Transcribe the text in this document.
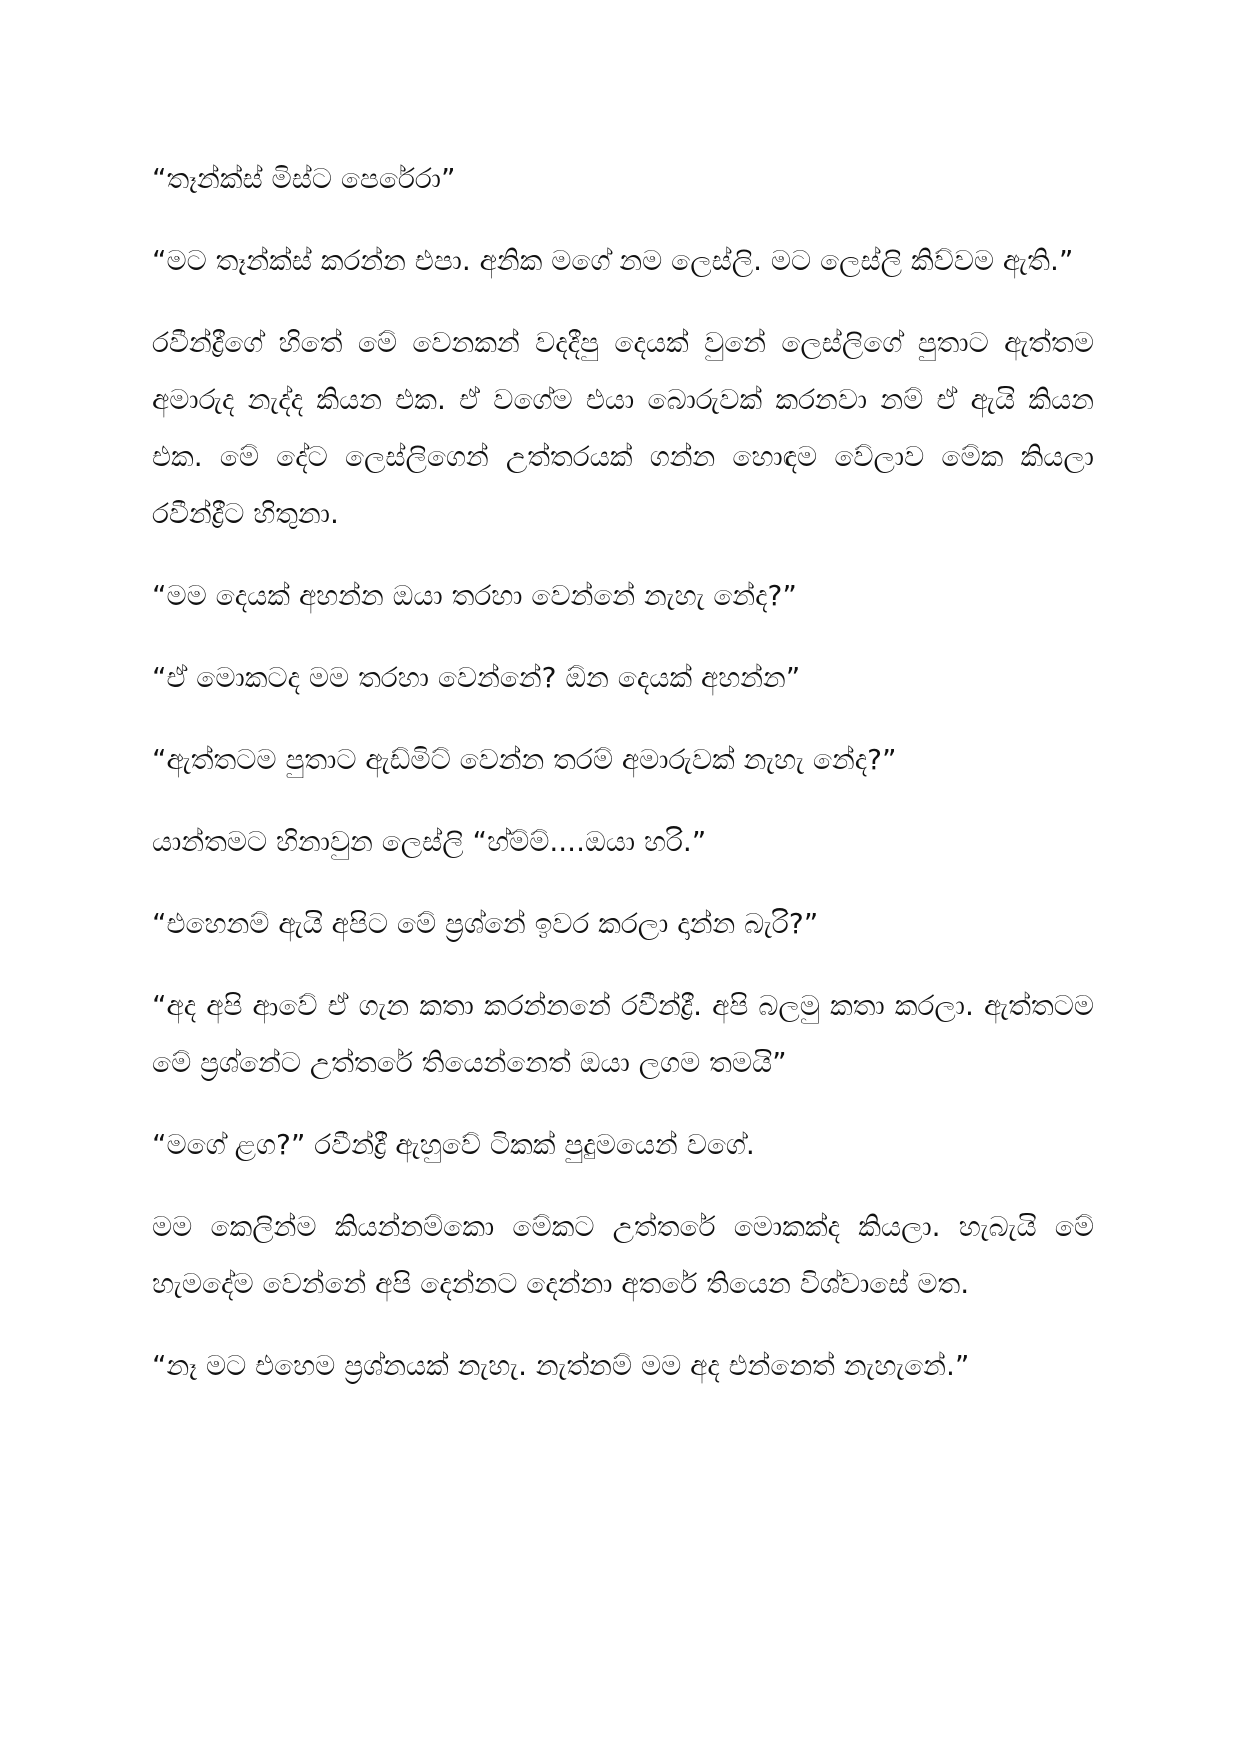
“තෑන්ක්ස් මිස්ට පෙරේරා”

“මට තෑන්ක්ස් කරන්න එපා. අනික මගේ නම ලෙස්ලි. මට ලෙස්ලි කිව්වම ඇති.”

රවීන්ද්‍රීගේ හිතේ මේ වෙනකන් වදදීපු දෙයක් වුනේ ලෙස්ලිගේ පුතාට ඇත්තම අමාරුද නැද්ද කියන එක. ඒ වගේම එයා බොරුවක් කරනවා නම් ඒ ඇයි කියන එක. මේ දේට ලෙස්ලිගෙන් උත්තරයක් ගන්න හොඳම වේලාව මේක කියලා රවීන්ද්‍රීට හිතුනා.

“මම දෙයක් අහන්න ඔයා තරහා වෙන්නේ නැහැ නේද?”

“ඒ මොකටද මම තරහා වෙන්නේ? ඕන දෙයක් අහන්න”

“ඇත්තටම පුතාට ඇඩ්මිට් වෙන්න තරම් අමාරුවක් නැහැ නේද?”

යාන්තමට හිනාවුන ලෙස්ලි “හ්ම්ම්....ඔයා හරි.”

“එහෙනම් ඇයි අපිට මේ ප්‍රශ්නේ ඉවර කරලා දාන්න බැරි?”

“අද අපි ආවේ ඒ ගැන කතා කරන්නනේ රවීන්ද්‍රී. අපි බලමු කතා කරලා. ඇත්තටම මේ ප්‍රශ්නේට උත්තරේ තියෙන්නෙත් ඔයා ලගම තමයි”

“මගේ ළග?” රවීන්ද්‍රී ඇහුවේ ටිකක් පුදුමයෙන් වගේ.

මම කෙලින්ම කියන්නම්කො මේකට උත්තරේ මොකක්ද කියලා. හැබැයි මේ හැමදේම වෙන්නේ අපි දෙන්නට දෙන්නා අතරේ තියෙන විශ්වාසේ මත.

“නෑ මට එහෙම ප්‍රශ්නයක් නැහැ. නැත්නම් මම අද එන්නෙත් නැහැනේ.”
